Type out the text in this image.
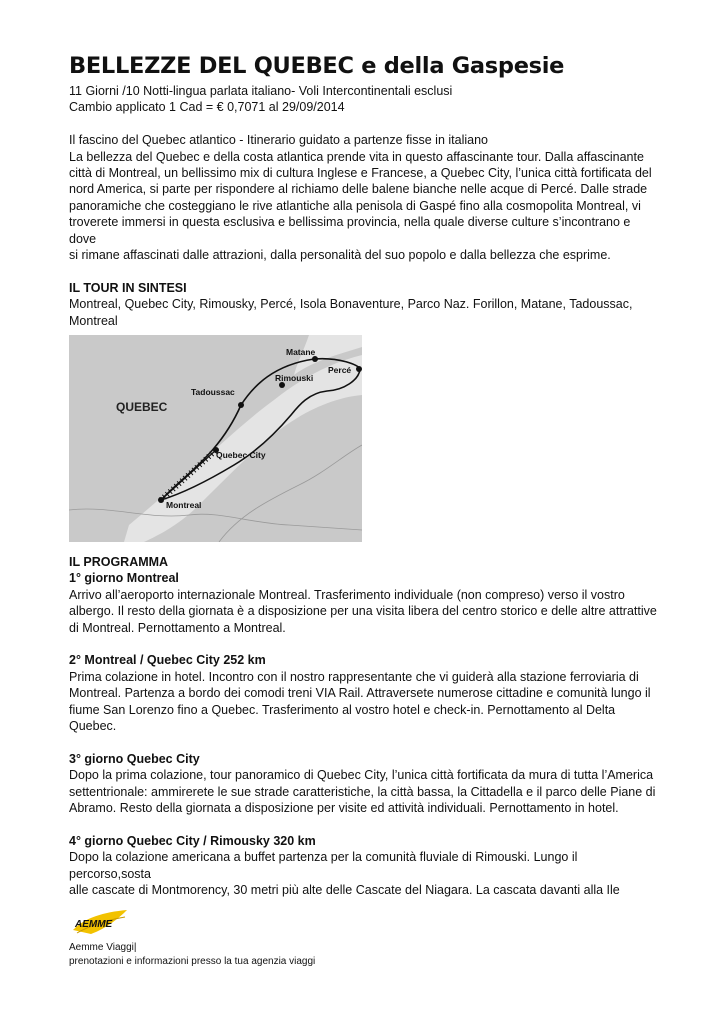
BELLEZZE DEL QUEBEC e della Gaspesie

11 Giorni /10 Notti-lingua parlata italiano- Voli Intercontinentali esclusi

Cambio applicato 1 Cad = € 0,7071 al 29/09/2014

Il fascino del Quebec atlantico - Itinerario guidato a partenze fisse in italiano

La bellezza del Quebec e della costa atlantica prende vita in questo affascinante tour. Dalla affascinante

città di Montreal, un bellissimo mix di cultura Inglese e Francese, a Quebec City, l’unica città fortificata del

nord America, si parte per rispondere al richiamo delle balene bianche nelle acque di Percé. Dalle strade

panoramiche che costeggiano le rive atlantiche alla penisola di Gaspé fino alla cosmopolita Montreal, vi

troverete immersi in questa esclusiva e bellissima provincia, nella quale diverse culture s’incontrano e dove

si rimane affascinati dalle attrazioni, dalla personalità del suo popolo e dalla bellezza che esprime.

IL TOUR IN SINTESI

Montreal, Quebec City, Rimousky, Percé, Isola Bonaventure, Parco Naz. Forillon, Matane, Tadoussac,

Montreal

QUEBEC
Matane
Percé
Rimouski
Tadoussac
Quebec City
Montreal

IL PROGRAMMA

1° giorno Montreal

Arrivo all’aeroporto internazionale Montreal. Trasferimento individuale (non compreso) verso il vostro

albergo. Il resto della giornata è a disposizione per una visita libera del centro storico e delle altre attrattive

di Montreal. Pernottamento a Montreal.

2° Montreal / Quebec City 252 km

Prima colazione in hotel. Incontro con il nostro rappresentante che vi guiderà alla stazione ferroviaria di

Montreal. Partenza a bordo dei comodi treni VIA Rail. Attraversete numerose cittadine e comunità lungo il

fiume San Lorenzo fino a Quebec. Trasferimento al vostro hotel e check-in. Pernottamento al Delta

Quebec.

3° giorno Quebec City

Dopo la prima colazione, tour panoramico di Quebec City, l’unica città fortificata da mura di tutta l’America

settentrionale: ammirerete le sue strade caratteristiche, la città bassa, la Cittadella e il parco delle Piane di

Abramo. Resto della giornata a disposizione per visite ed attività individuali. Pernottamento in hotel.

4° giorno Quebec City / Rimousky 320 km

Dopo la colazione americana a buffet partenza per la comunità fluviale di Rimouski. Lungo il percorso,sosta

alle cascate di Montmorency, 30 metri più alte delle Cascate del Niagara. La cascata davanti alla Ile

AEMME

Aemme Viaggi|

prenotazioni e informazioni presso la tua agenzia viaggi
